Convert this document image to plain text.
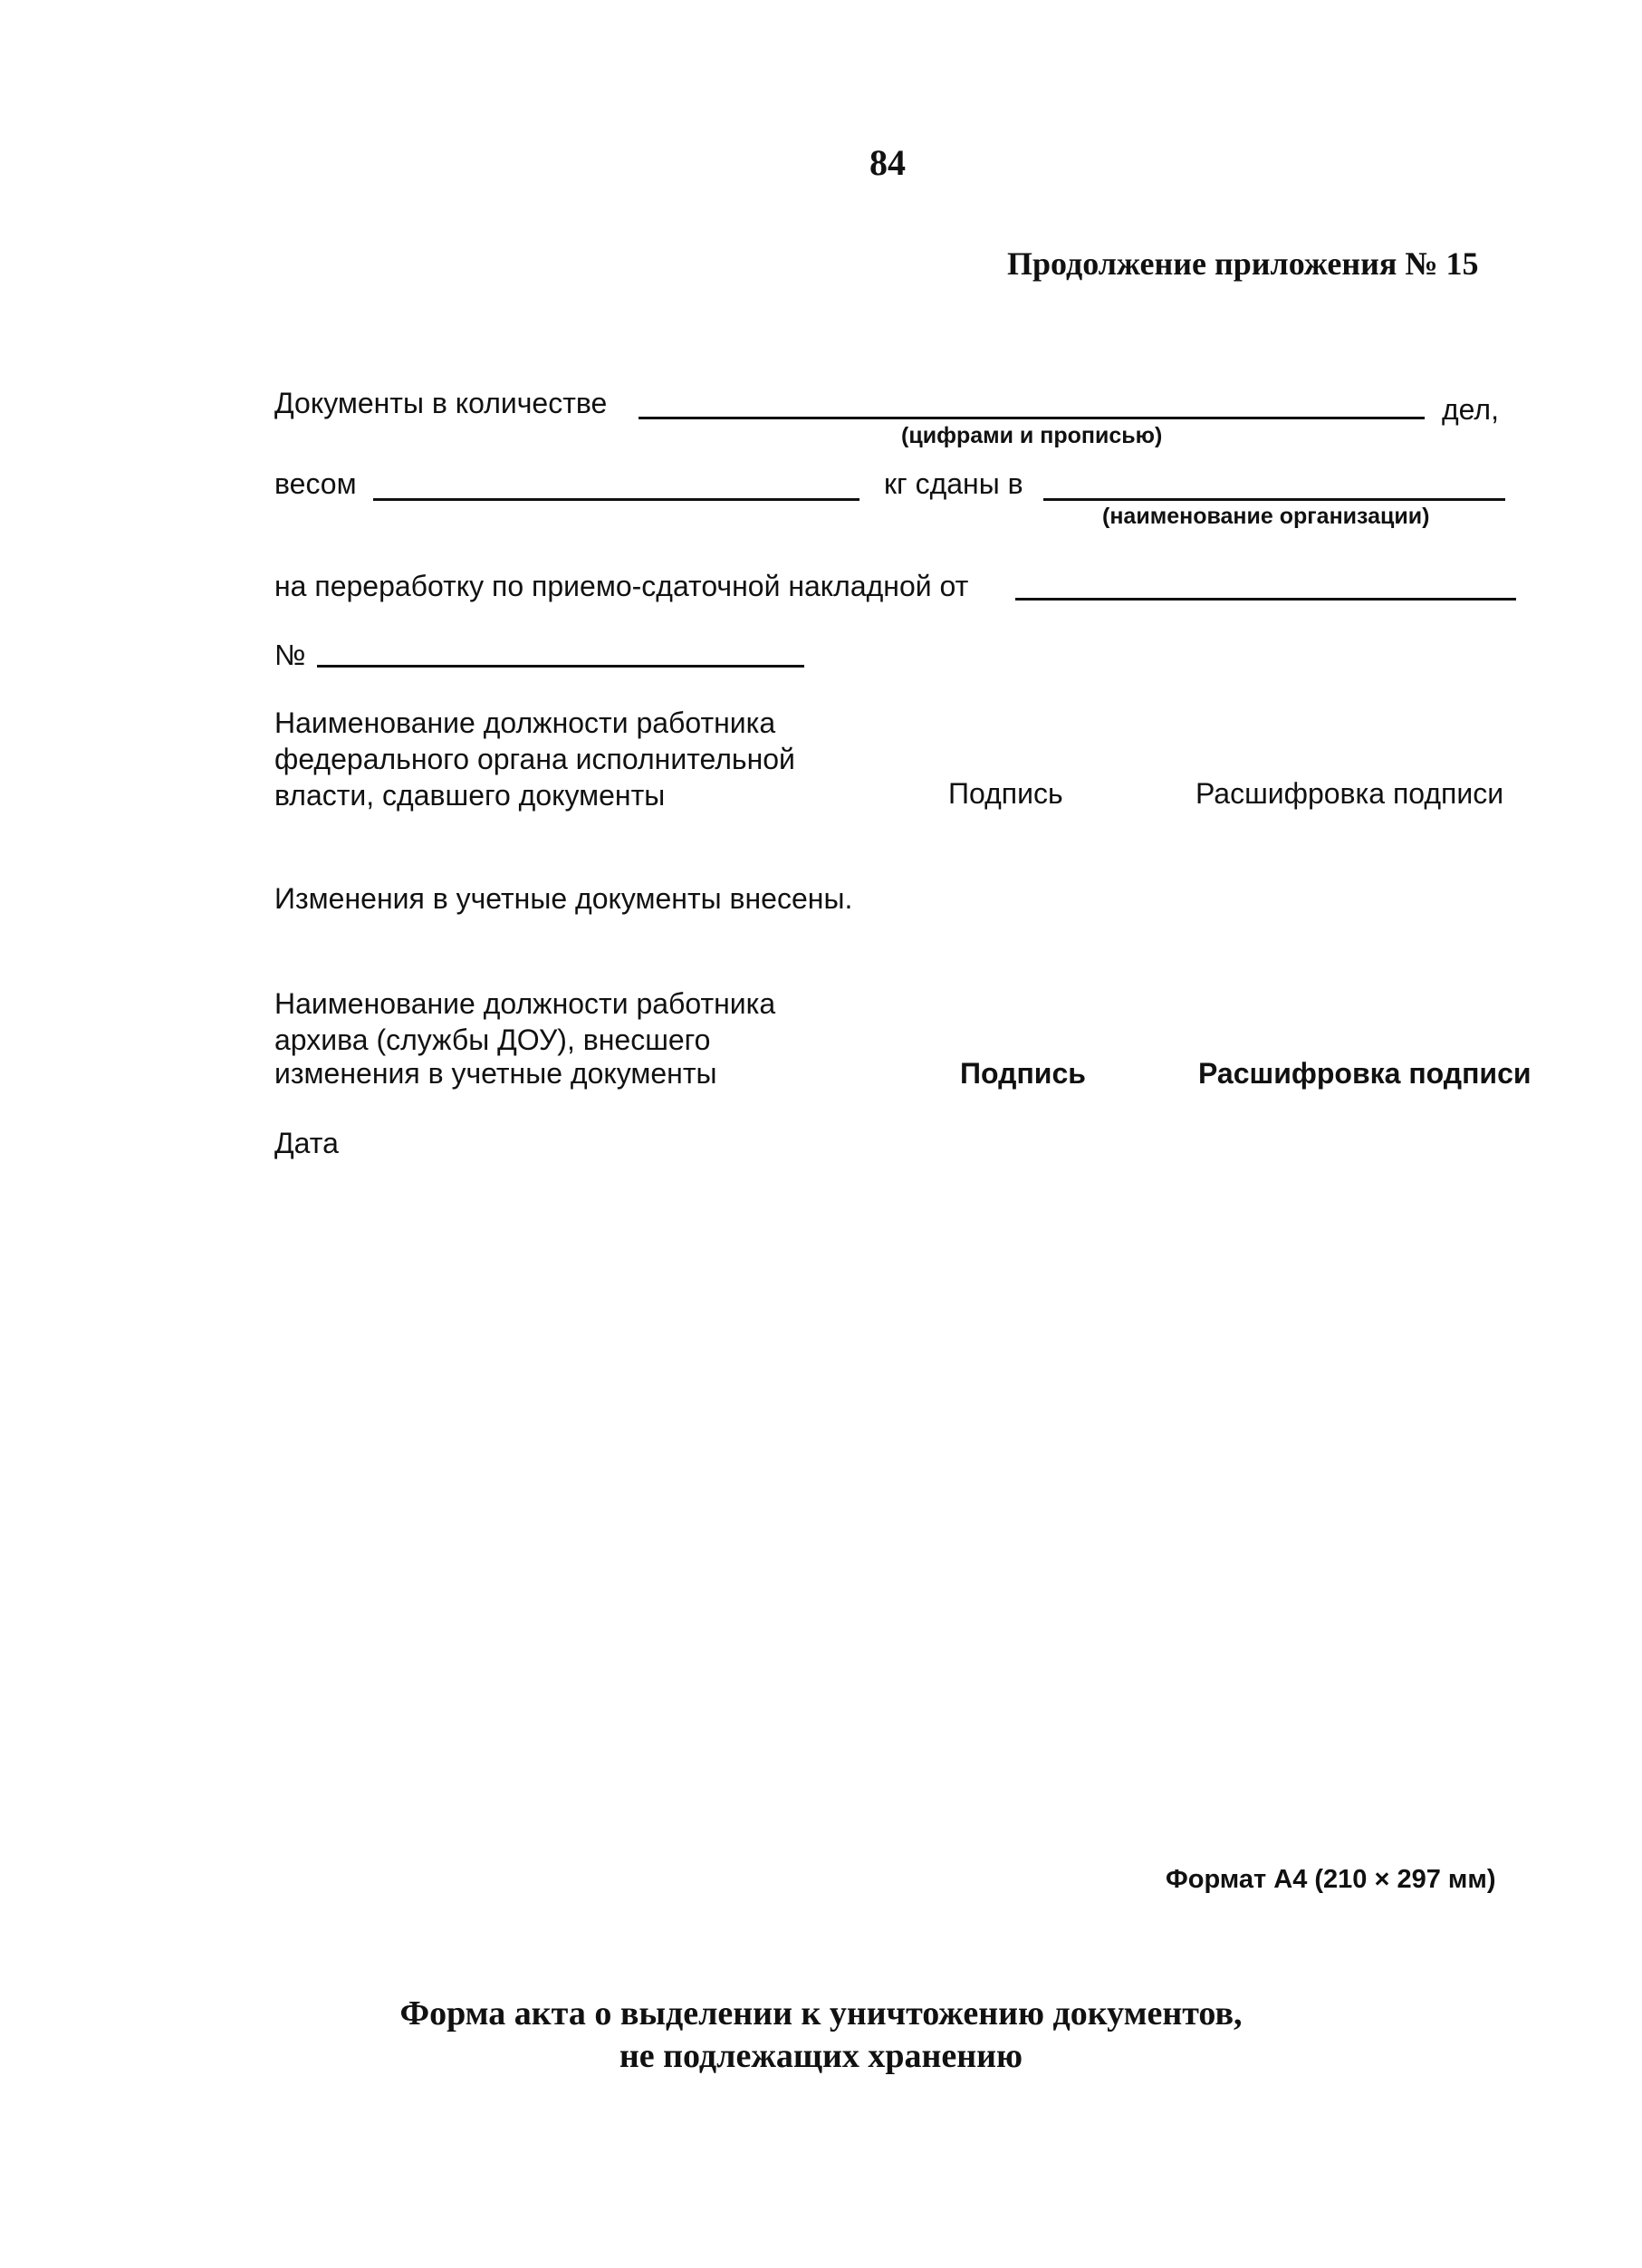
84
Продолжение приложения № 15
Документы в количестве	дел,
(цифрами и прописью)
весом	кг сданы в
(наименование организации)
на переработку по приемо-сдаточной накладной от
№
Наименование должности работника
федерального органа исполнительной
власти, сдавшего документы	Подпись	Расшифровка подписи
Изменения в учетные документы внесены.
Наименование должности работника
архива (службы ДОУ), внесшего
изменения в учетные документы	Подпись	Расшифровка подписи
Дата
Формат А4 (210 × 297 мм)
Форма акта о выделении к уничтожению документов,
не подлежащих хранению
